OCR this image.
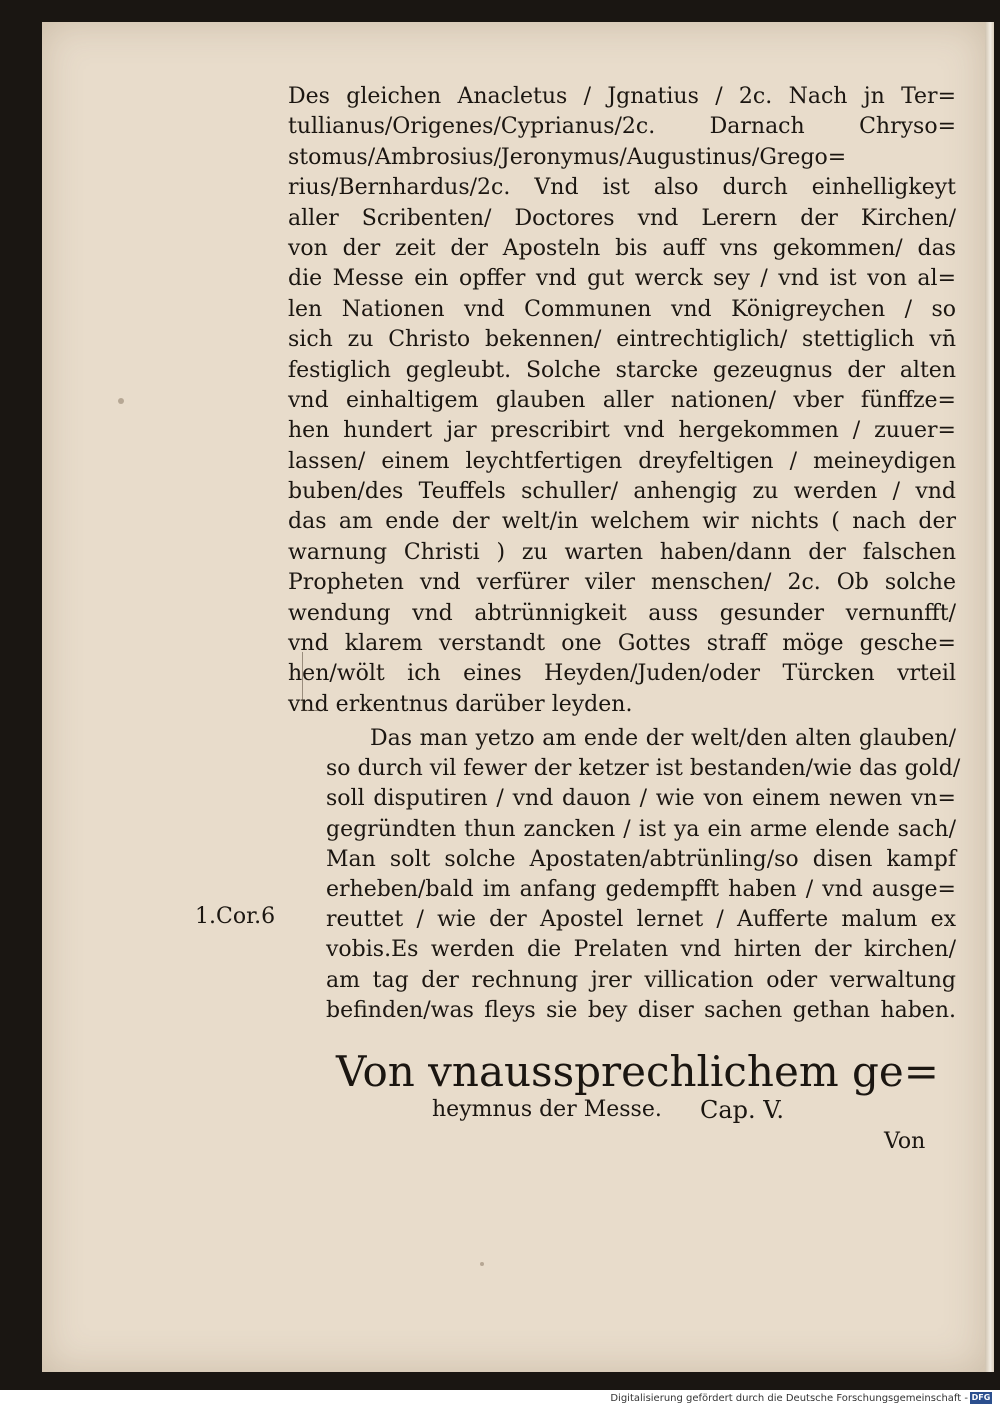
Des gleichen Anacletus / Jgnatius / 2c. Nach jn Ter=
tullianus/Origenes/Cyprianus/2c. Darnach Chryso=
stomus/Ambrosius/Jeronymus/Augustinus/Grego=
rius/Bernhardus/2c. Vnd ist also durch einhelligkeyt
aller Scribenten/ Doctores vnd Lerern der Kirchen/
von der zeit der Aposteln bis auff vns gekommen/ das
die Messe ein opffer vnd gut werck sey / vnd ist von al=
len Nationen vnd Communen vnd Königreychen / so
sich zu Christo bekennen/ eintrechtiglich/ stettiglich vn̄
festiglich gegleubt. Solche starcke gezeugnus der alten
vnd einhaltigem glauben aller nationen/ vber fünffze=
hen hundert jar prescribirt vnd hergekommen / zuuer=
lassen/ einem leychtfertigen dreyfeltigen / meineydigen
buben/des Teuffels schuller/ anhengig zu werden / vnd
das am ende der welt/in welchem wir nichts ( nach der
warnung Christi ) zu warten haben/dann der falschen
Propheten vnd verfürer viler menschen/ 2c. Ob solche
wendung vnd abtrünnigkeit auss gesunder vernunfft/
vnd klarem verstandt one Gottes straff möge gesche=
hen/wölt ich eines Heyden/Juden/oder Türcken vrteil
vnd erkentnus darüber leyden.
Das man yetzo am ende der welt/den alten glauben/
so durch vil fewer der ketzer ist bestanden/wie das gold/
soll disputiren / vnd dauon / wie von einem newen vn=
gegründten thun zancken / ist ya ein arme elende sach/
Man solt solche Apostaten/abtrünling/so disen kampf
erheben/bald im anfang gedempfft haben / vnd ausge=
reuttet / wie der Apostel lernet / Aufferte malum ex
vobis.Es werden die Prelaten vnd hirten der kirchen/
am tag der rechnung jrer villication oder verwaltung
befinden/was fleys sie bey diser sachen gethan haben.
1.Cor.6
Von vnaussprechlichem ge=
heymnus der Messe. Cap. V.
Von
Digitalisierung gefördert durch die Deutsche Forschungsgemeinschaft - DFG
